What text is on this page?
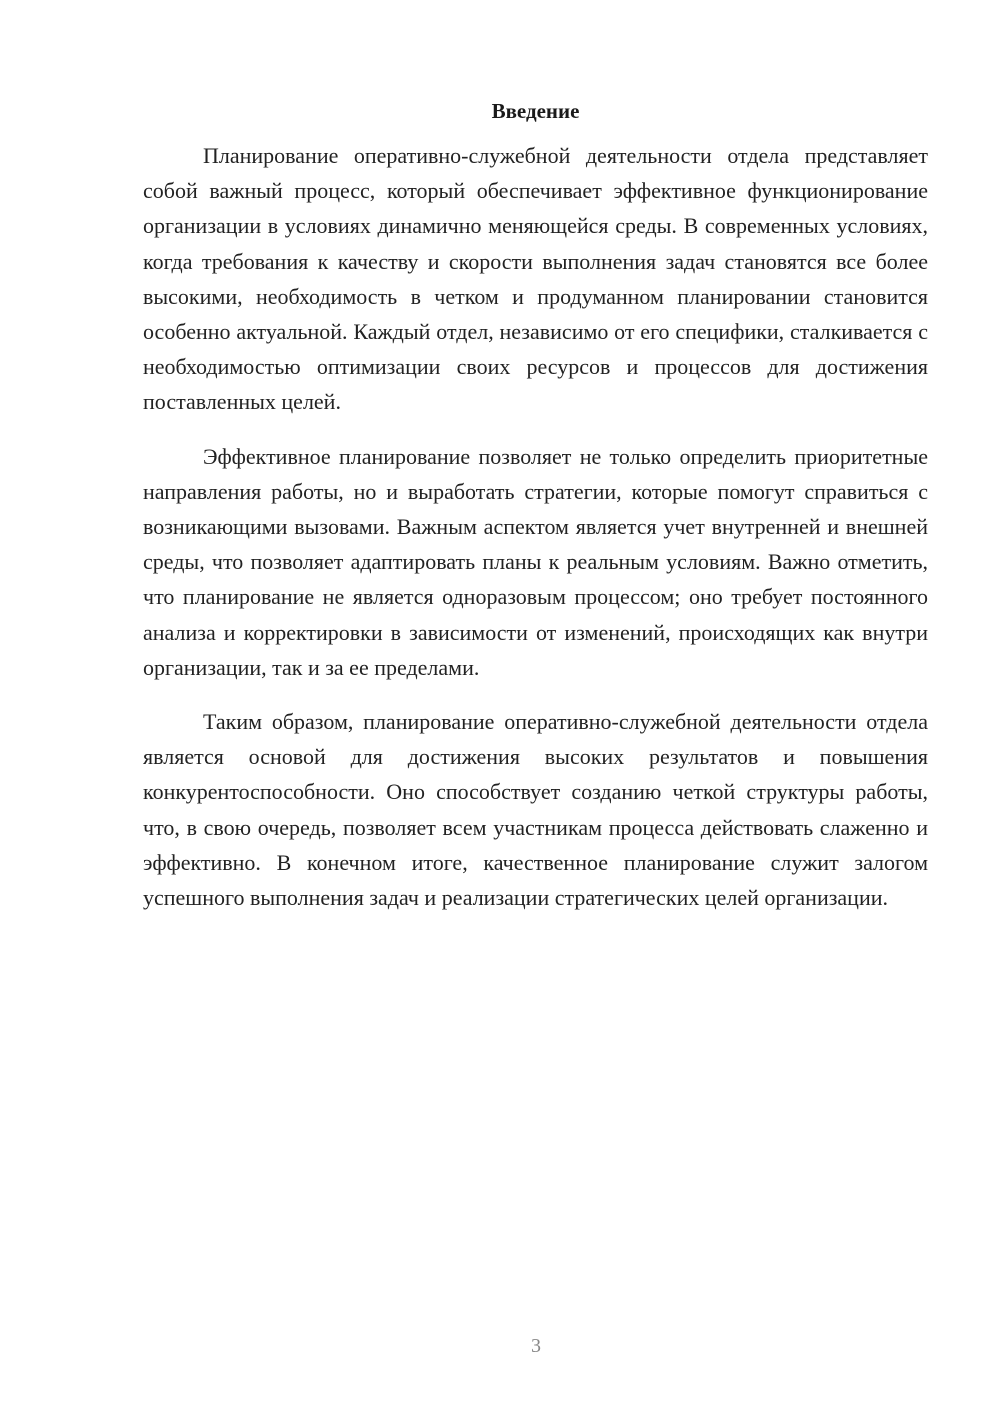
Введение

Планирование оперативно-служебной деятельности отдела представляет собой важный процесс, который обеспечивает эффективное функционирование организации в условиях динамично меняющейся среды. В современных условиях, когда требования к качеству и скорости выполнения задач становятся все более высокими, необходимость в четком и продуманном планировании становится особенно актуальной. Каждый отдел, независимо от его специфики, сталкивается с необходимостью оптимизации своих ресурсов и процессов для достижения поставленных целей.

Эффективное планирование позволяет не только определить приоритетные направления работы, но и выработать стратегии, которые помогут справиться с возникающими вызовами. Важным аспектом является учет внутренней и внешней среды, что позволяет адаптировать планы к реальным условиям. Важно отметить, что планирование не является одноразовым процессом; оно требует постоянного анализа и корректировки в зависимости от изменений, происходящих как внутри организации, так и за ее пределами.

Таким образом, планирование оперативно-служебной деятельности отдела является основой для достижения высоких результатов и повышения конкурентоспособности. Оно способствует созданию четкой структуры работы, что, в свою очередь, позволяет всем участникам процесса действовать слаженно и эффективно. В конечном итоге, качественное планирование служит залогом успешного выполнения задач и реализации стратегических целей организации.

3
